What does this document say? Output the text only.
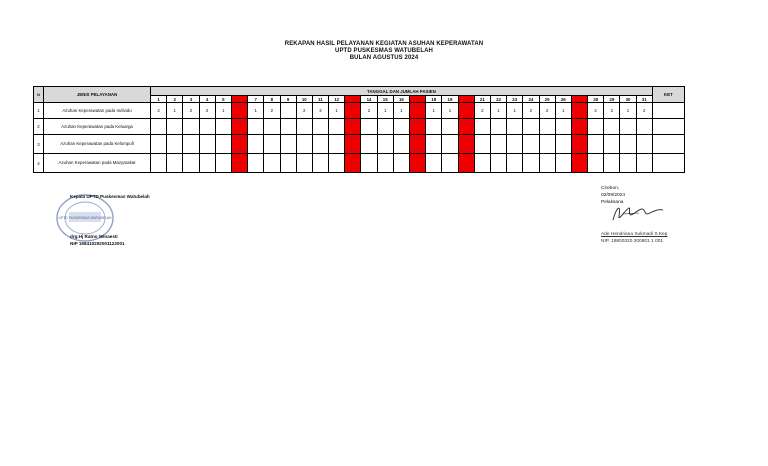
REKAPAN HASIL PELAYANAN KEGIATAN ASUHAN KEPERAWATAN
UPTD PUSKESMAS WATUBELAH
BULAN AGUSTUS 2024
N	JENIS PELAYANAN	TANGGAL DAN JUMLAH PASIEN																															KET
		1	2	3	4	5	6	7	8	9	10	11	12	13	14	15	16	17	18	19	20	21	22	23	24	25	26	27	28	29	30	31	
1	Azuhan Keperawatan pada Individu	2	1	2	2	1		1	2		2	2	1		2	1	1		1	1		2	1	1	2	2	1		2	2	1	2	
2	Azuhan Keperawatan pada Keluarga																																
3	Azuhan Keperawatan pada Kelompoll																																
4	Azuhan Keperawatan pada Mazyarakat																																
UPTD PUSKESMAS WATUBELAH
Kepala UPTD Puskesmas Watubelah
drg.Hj Ratno Winaesti
NIP 198410292001122001
Cirebon,
02/09/2024
Pelaksana
Ade Hendriana Sukmadi S.Kep
NIP. 19800320 200801 1 001
